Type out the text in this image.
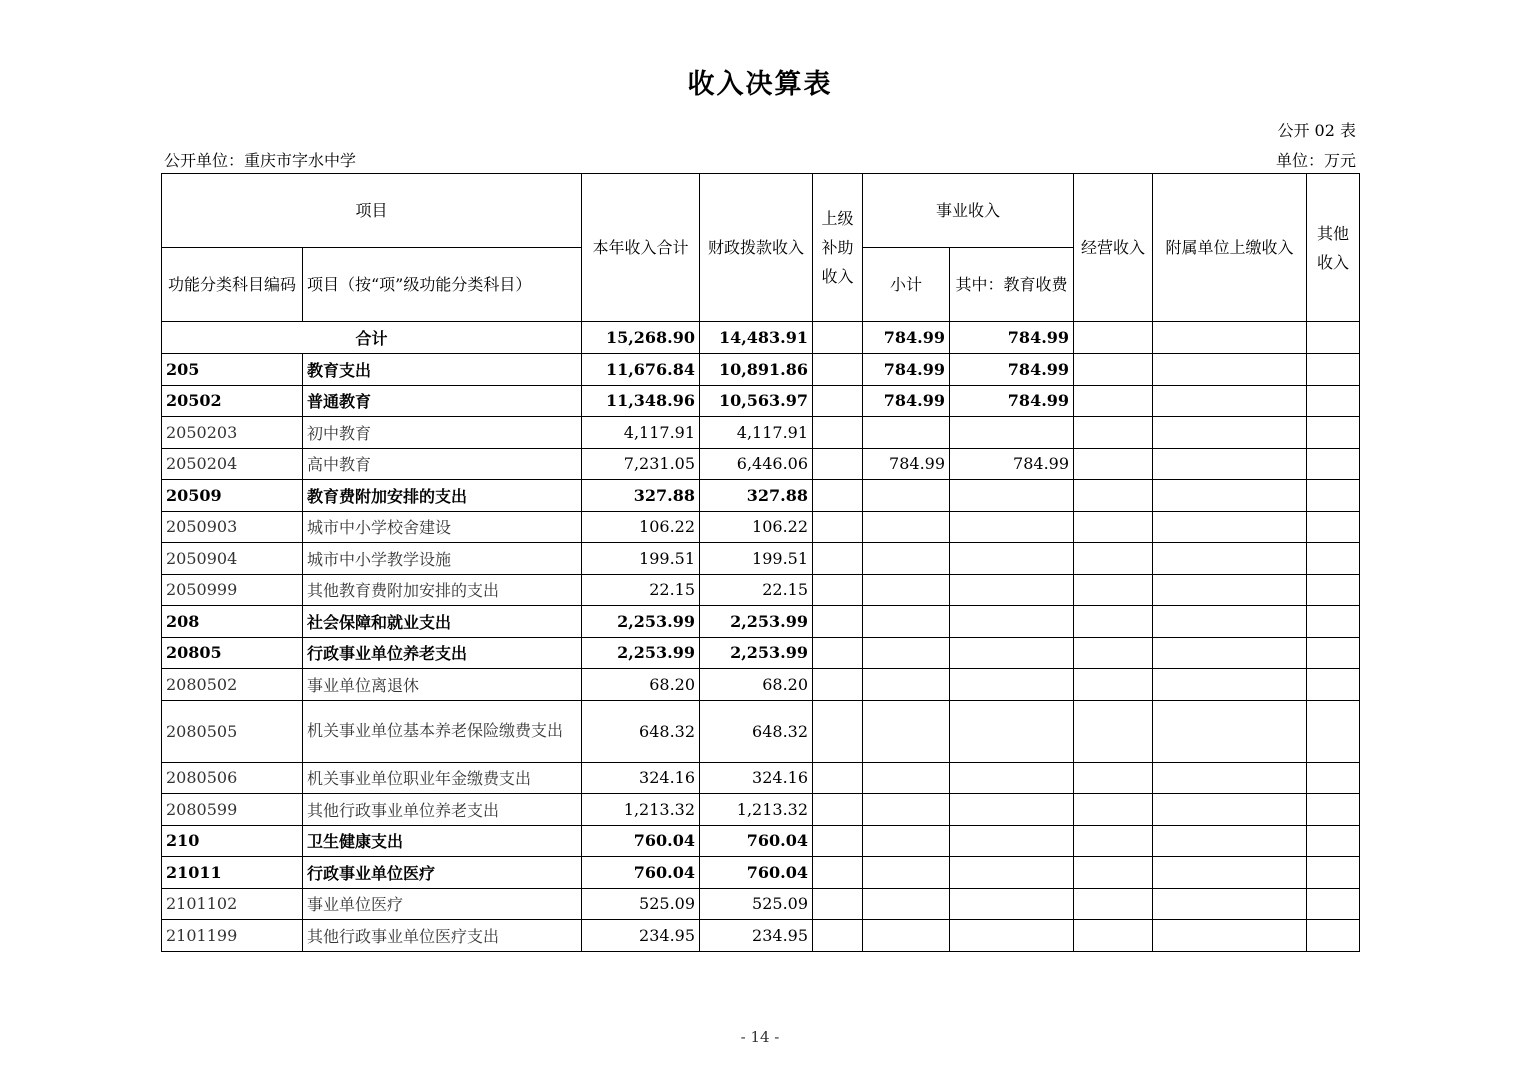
收入决算表
公开 02 表
公开单位：重庆市字水中学	单位：万元
项目		本年收入合计	财政拨款收入	上级补助收入	事业收入		经营收入	附属单位上缴收入	其他收入
功能分类科目编码	项目（按“项”级功能分类科目）				小计	其中：教育收费			
合计		15,268.90	14,483.91		784.99	784.99			
205	教育支出	11,676.84	10,891.86		784.99	784.99			
20502	普通教育	11,348.96	10,563.97		784.99	784.99			
2050203	初中教育	4,117.91	4,117.91						
2050204	高中教育	7,231.05	6,446.06		784.99	784.99			
20509	教育费附加安排的支出	327.88	327.88						
2050903	城市中小学校舍建设	106.22	106.22						
2050904	城市中小学教学设施	199.51	199.51						
2050999	其他教育费附加安排的支出	22.15	22.15						
208	社会保障和就业支出	2,253.99	2,253.99						
20805	行政事业单位养老支出	2,253.99	2,253.99						
2080502	事业单位离退休	68.20	68.20						
2080505	机关事业单位基本养老保险缴费支出	648.32	648.32						
2080506	机关事业单位职业年金缴费支出	324.16	324.16						
2080599	其他行政事业单位养老支出	1,213.32	1,213.32						
210	卫生健康支出	760.04	760.04						
21011	行政事业单位医疗	760.04	760.04						
2101102	事业单位医疗	525.09	525.09						
2101199	其他行政事业单位医疗支出	234.95	234.95						
- 14 -
